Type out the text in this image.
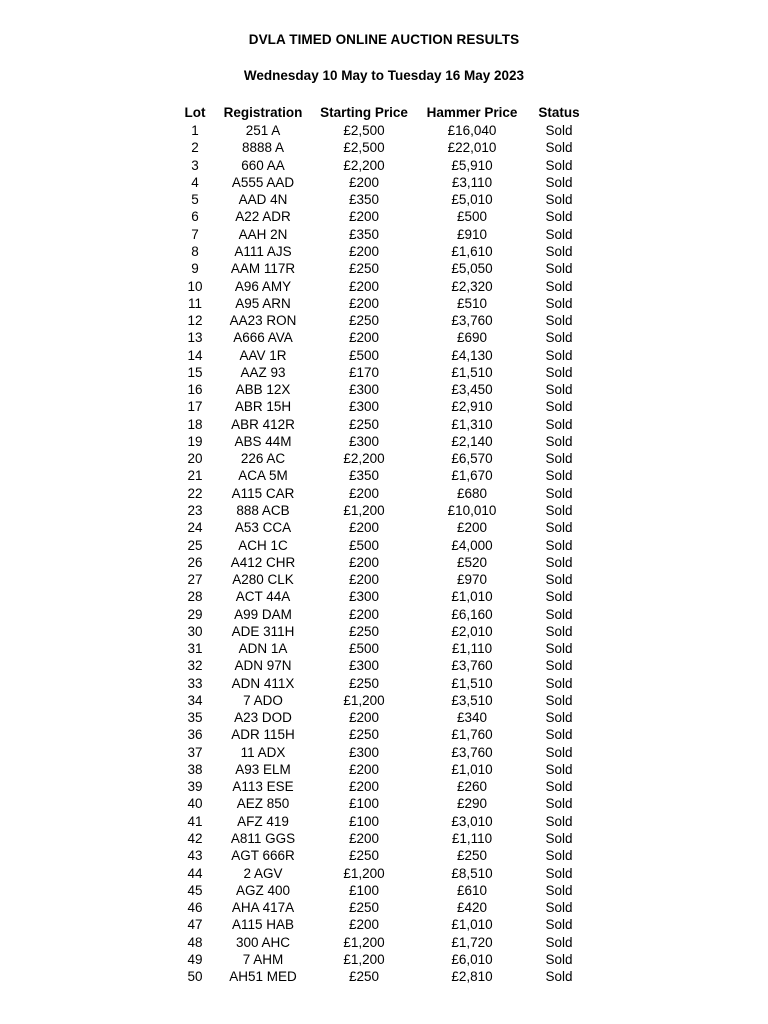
DVLA TIMED ONLINE AUCTION RESULTS
Wednesday 10 May to Tuesday 16 May 2023
Lot	Registration	Starting Price	Hammer Price	Status
1	251 A	£2,500	£16,040	Sold
2	8888 A	£2,500	£22,010	Sold
3	660 AA	£2,200	£5,910	Sold
4	A555 AAD	£200	£3,110	Sold
5	AAD 4N	£350	£5,010	Sold
6	A22 ADR	£200	£500	Sold
7	AAH 2N	£350	£910	Sold
8	A111 AJS	£200	£1,610	Sold
9	AAM 117R	£250	£5,050	Sold
10	A96 AMY	£200	£2,320	Sold
11	A95 ARN	£200	£510	Sold
12	AA23 RON	£250	£3,760	Sold
13	A666 AVA	£200	£690	Sold
14	AAV 1R	£500	£4,130	Sold
15	AAZ 93	£170	£1,510	Sold
16	ABB 12X	£300	£3,450	Sold
17	ABR 15H	£300	£2,910	Sold
18	ABR 412R	£250	£1,310	Sold
19	ABS 44M	£300	£2,140	Sold
20	226 AC	£2,200	£6,570	Sold
21	ACA 5M	£350	£1,670	Sold
22	A115 CAR	£200	£680	Sold
23	888 ACB	£1,200	£10,010	Sold
24	A53 CCA	£200	£200	Sold
25	ACH 1C	£500	£4,000	Sold
26	A412 CHR	£200	£520	Sold
27	A280 CLK	£200	£970	Sold
28	ACT 44A	£300	£1,010	Sold
29	A99 DAM	£200	£6,160	Sold
30	ADE 311H	£250	£2,010	Sold
31	ADN 1A	£500	£1,110	Sold
32	ADN 97N	£300	£3,760	Sold
33	ADN 411X	£250	£1,510	Sold
34	7 ADO	£1,200	£3,510	Sold
35	A23 DOD	£200	£340	Sold
36	ADR 115H	£250	£1,760	Sold
37	11 ADX	£300	£3,760	Sold
38	A93 ELM	£200	£1,010	Sold
39	A113 ESE	£200	£260	Sold
40	AEZ 850	£100	£290	Sold
41	AFZ 419	£100	£3,010	Sold
42	A811 GGS	£200	£1,110	Sold
43	AGT 666R	£250	£250	Sold
44	2 AGV	£1,200	£8,510	Sold
45	AGZ 400	£100	£610	Sold
46	AHA 417A	£250	£420	Sold
47	A115 HAB	£200	£1,010	Sold
48	300 AHC	£1,200	£1,720	Sold
49	7 AHM	£1,200	£6,010	Sold
50	AH51 MED	£250	£2,810	Sold
